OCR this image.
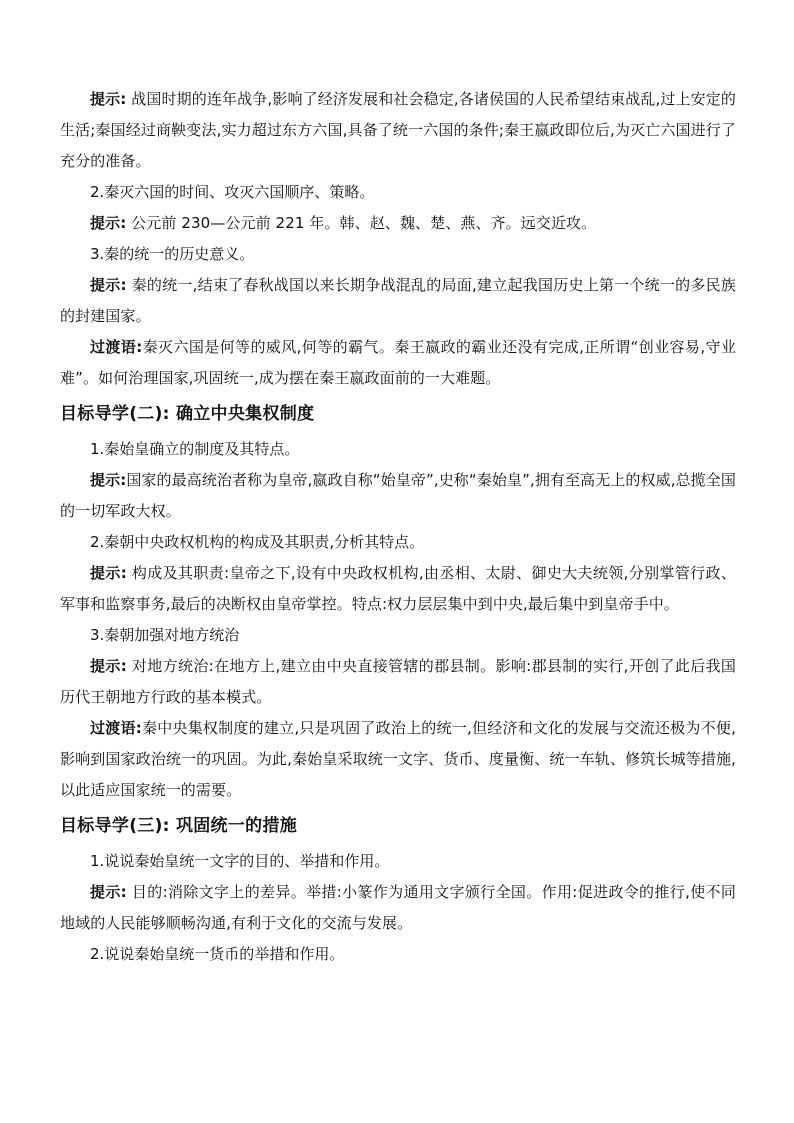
提示: 战国时期的连年战争,影响了经济发展和社会稳定,各诸侯国的人民希望结束战乱,过上安定的生活;秦国经过商鞅变法,实力超过东方六国,具备了统一六国的条件;秦王嬴政即位后,为灭亡六国进行了充分的准备。

2.秦灭六国的时间、攻灭六国顺序、策略。

提示: 公元前 230—公元前 221 年。韩、赵、魏、楚、燕、齐。远交近攻。

3.秦的统一的历史意义。

提示: 秦的统一,结束了春秋战国以来长期争战混乱的局面,建立起我国历史上第一个统一的多民族的封建国家。

过渡语:秦灭六国是何等的威风,何等的霸气。秦王嬴政的霸业还没有完成,正所谓“创业容易,守业难”。如何治理国家,巩固统一,成为摆在秦王嬴政面前的一大难题。

目标导学(二): 确立中央集权制度

1.秦始皇确立的制度及其特点。

提示:国家的最高统治者称为皇帝,嬴政自称“始皇帝”,史称“秦始皇”,拥有至高无上的权威,总揽全国的一切军政大权。

2.秦朝中央政权机构的构成及其职责,分析其特点。

提示: 构成及其职责:皇帝之下,设有中央政权机构,由丞相、太尉、御史大夫统领,分别掌管行政、军事和监察事务,最后的决断权由皇帝掌控。特点:权力层层集中到中央,最后集中到皇帝手中。

3.秦朝加强对地方统治

提示: 对地方统治:在地方上,建立由中央直接管辖的郡县制。影响:郡县制的实行,开创了此后我国历代王朝地方行政的基本模式。

过渡语:秦中央集权制度的建立,只是巩固了政治上的统一,但经济和文化的发展与交流还极为不便,影响到国家政治统一的巩固。为此,秦始皇采取统一文字、货币、度量衡、统一车轨、修筑长城等措施,以此适应国家统一的需要。

目标导学(三): 巩固统一的措施

1.说说秦始皇统一文字的目的、举措和作用。

提示: 目的:消除文字上的差异。举措:小篆作为通用文字颁行全国。作用:促进政令的推行,使不同地域的人民能够顺畅沟通,有利于文化的交流与发展。

2.说说秦始皇统一货币的举措和作用。
